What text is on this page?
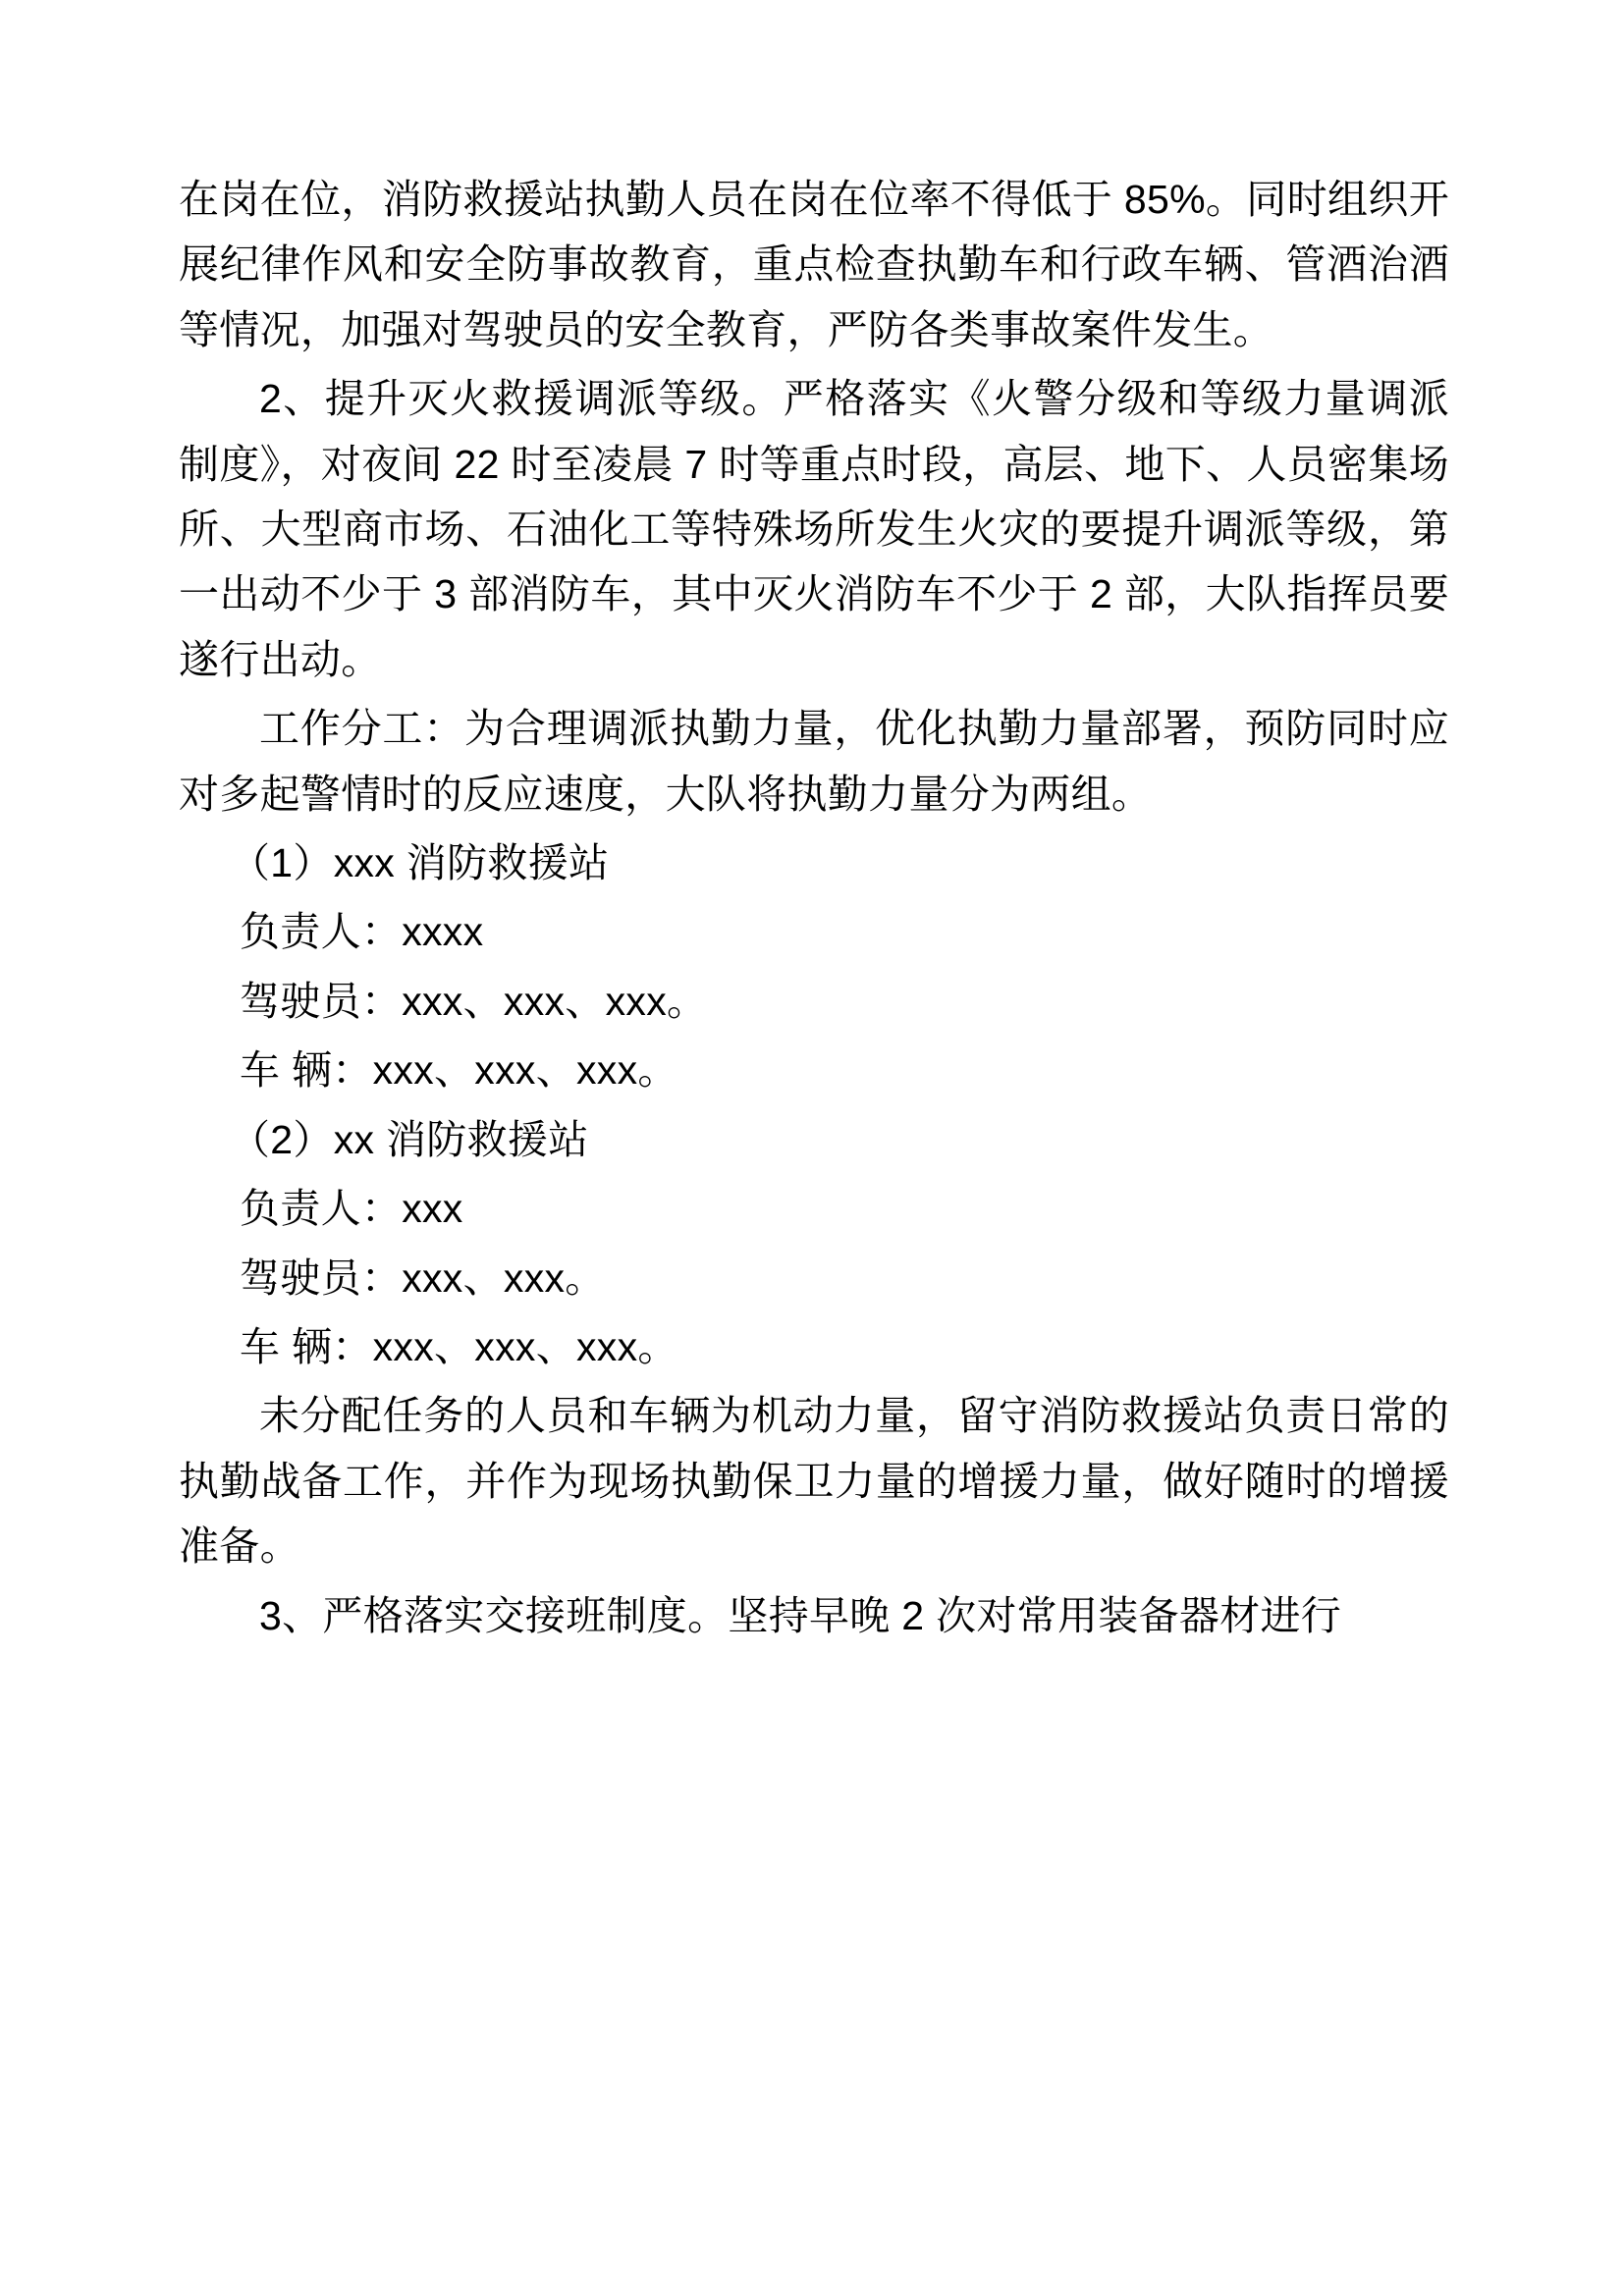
在岗在位，消防救援站执勤人员在岗在位率不得低于 85%。同时组织开展纪律作风和安全防事故教育，重点检查执勤车和行政车辆、管酒治酒等情况，加强对驾驶员的安全教育，严防各类事故案件发生。

2、提升灭火救援调派等级。严格落实《火警分级和等级力量调派制度》，对夜间 22 时至凌晨 7 时等重点时段，高层、地下、人员密集场所、大型商市场、石油化工等特殊场所发生火灾的要提升调派等级，第一出动不少于 3 部消防车，其中灭火消防车不少于 2 部，大队指挥员要遂行出动。

工作分工：为合理调派执勤力量，优化执勤力量部署，预防同时应对多起警情时的反应速度，大队将执勤力量分为两组。

（1）xxx 消防救援站

负责人：xxxx

驾驶员：xxx、xxx、xxx。

车 辆：xxx、xxx、xxx。

（2）xx 消防救援站

负责人：xxx

驾驶员：xxx、xxx。

车 辆：xxx、xxx、xxx。

未分配任务的人员和车辆为机动力量，留守消防救援站负责日常的执勤战备工作，并作为现场执勤保卫力量的增援力量，做好随时的增援准备。

3、严格落实交接班制度。坚持早晚 2 次对常用装备器材进行
